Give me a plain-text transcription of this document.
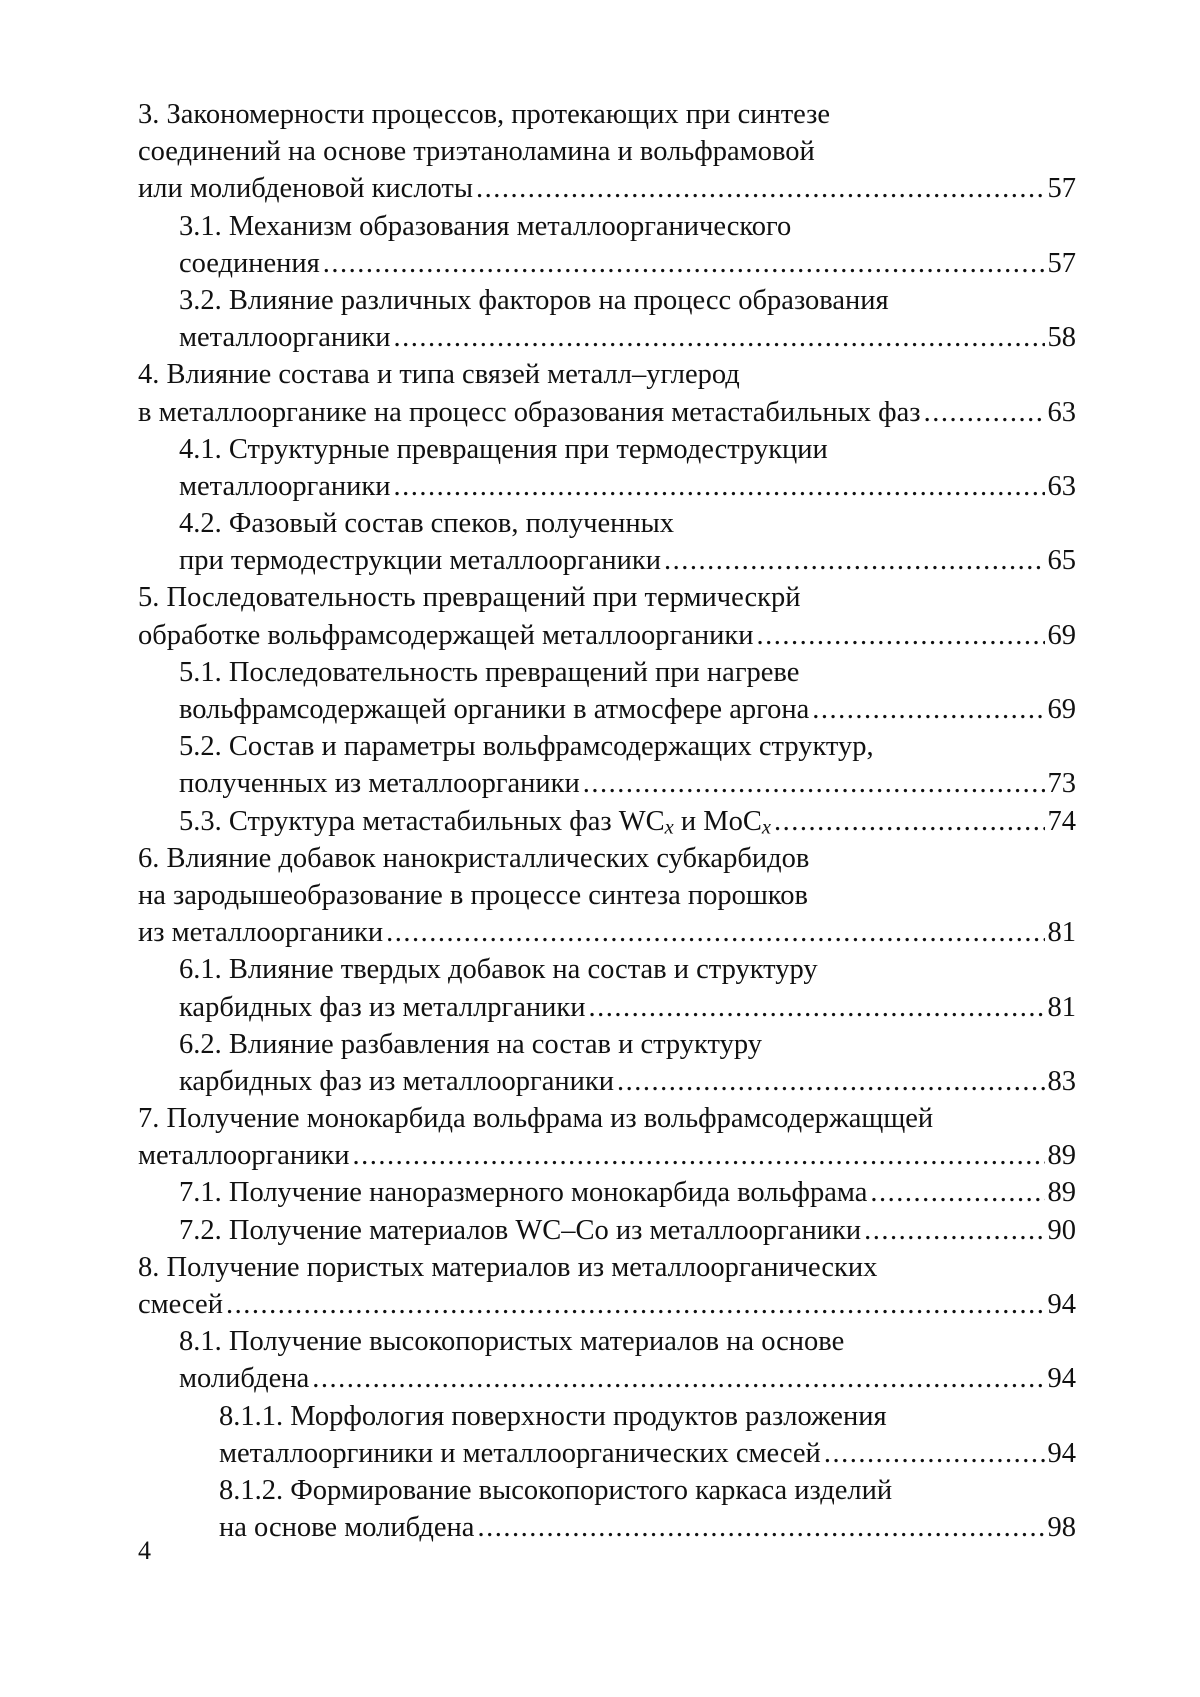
3. Закономерности процессов, протекающих при синтезе
соединений на основе триэтаноламина и вольфрамовой
или молибденовой кислоты .....	57
3.1. Механизм образования металлоорганического
соединения .....	57
3.2. Влияние различных факторов на процесс образования
металлоорганики .....	58
4. Влияние состава и типа связей металл–углерод
в металлоорганике на процесс образования метастабильных фаз .....	63
4.1. Структурные превращения при термодеструкции
металлоорганики .....	63
4.2. Фазовый состав спеков, полученных
при термодеструкции металлоорганики .....	65
5. Последовательность превращений при термическрй
обработке вольфрамсодержащей металлоорганики .....	69
5.1. Последовательность превращений при нагреве
вольфрамсодержащей органики в атмосфере аргона .....	69
5.2. Состав и параметры вольфрамсодержащих структур,
полученных из металлоорганики .....	73
5.3. Структура метастабильных фаз WCx и MoCx .....	74
6. Влияние добавок нанокристаллических субкарбидов
на зародышеобразование в процессе синтеза порошков
из металлоорганики .....	81
6.1. Влияние твердых добавок на состав и структуру
карбидных фаз из металлрганики .....	81
6.2. Влияние разбавления на состав и структуру
карбидных фаз из металлоорганики .....	83
7. Получение монокарбида вольфрама из вольфрамсодержащщей
металлоорганики .....	89
7.1. Получение наноразмерного монокарбида вольфрама .....	89
7.2. Получение материалов WC–Co из металлоорганики .....	90
8. Получение пористых материалов из металлоорганических
смесей .....	94
8.1. Получение высокопористых материалов на основе
молибдена .....	94
8.1.1. Морфология поверхности продуктов разложения
металлооргиники и металлоорганических смесей .....	94
8.1.2. Формирование высокопористого каркаса изделий
на основе молибдена .....	98
4
